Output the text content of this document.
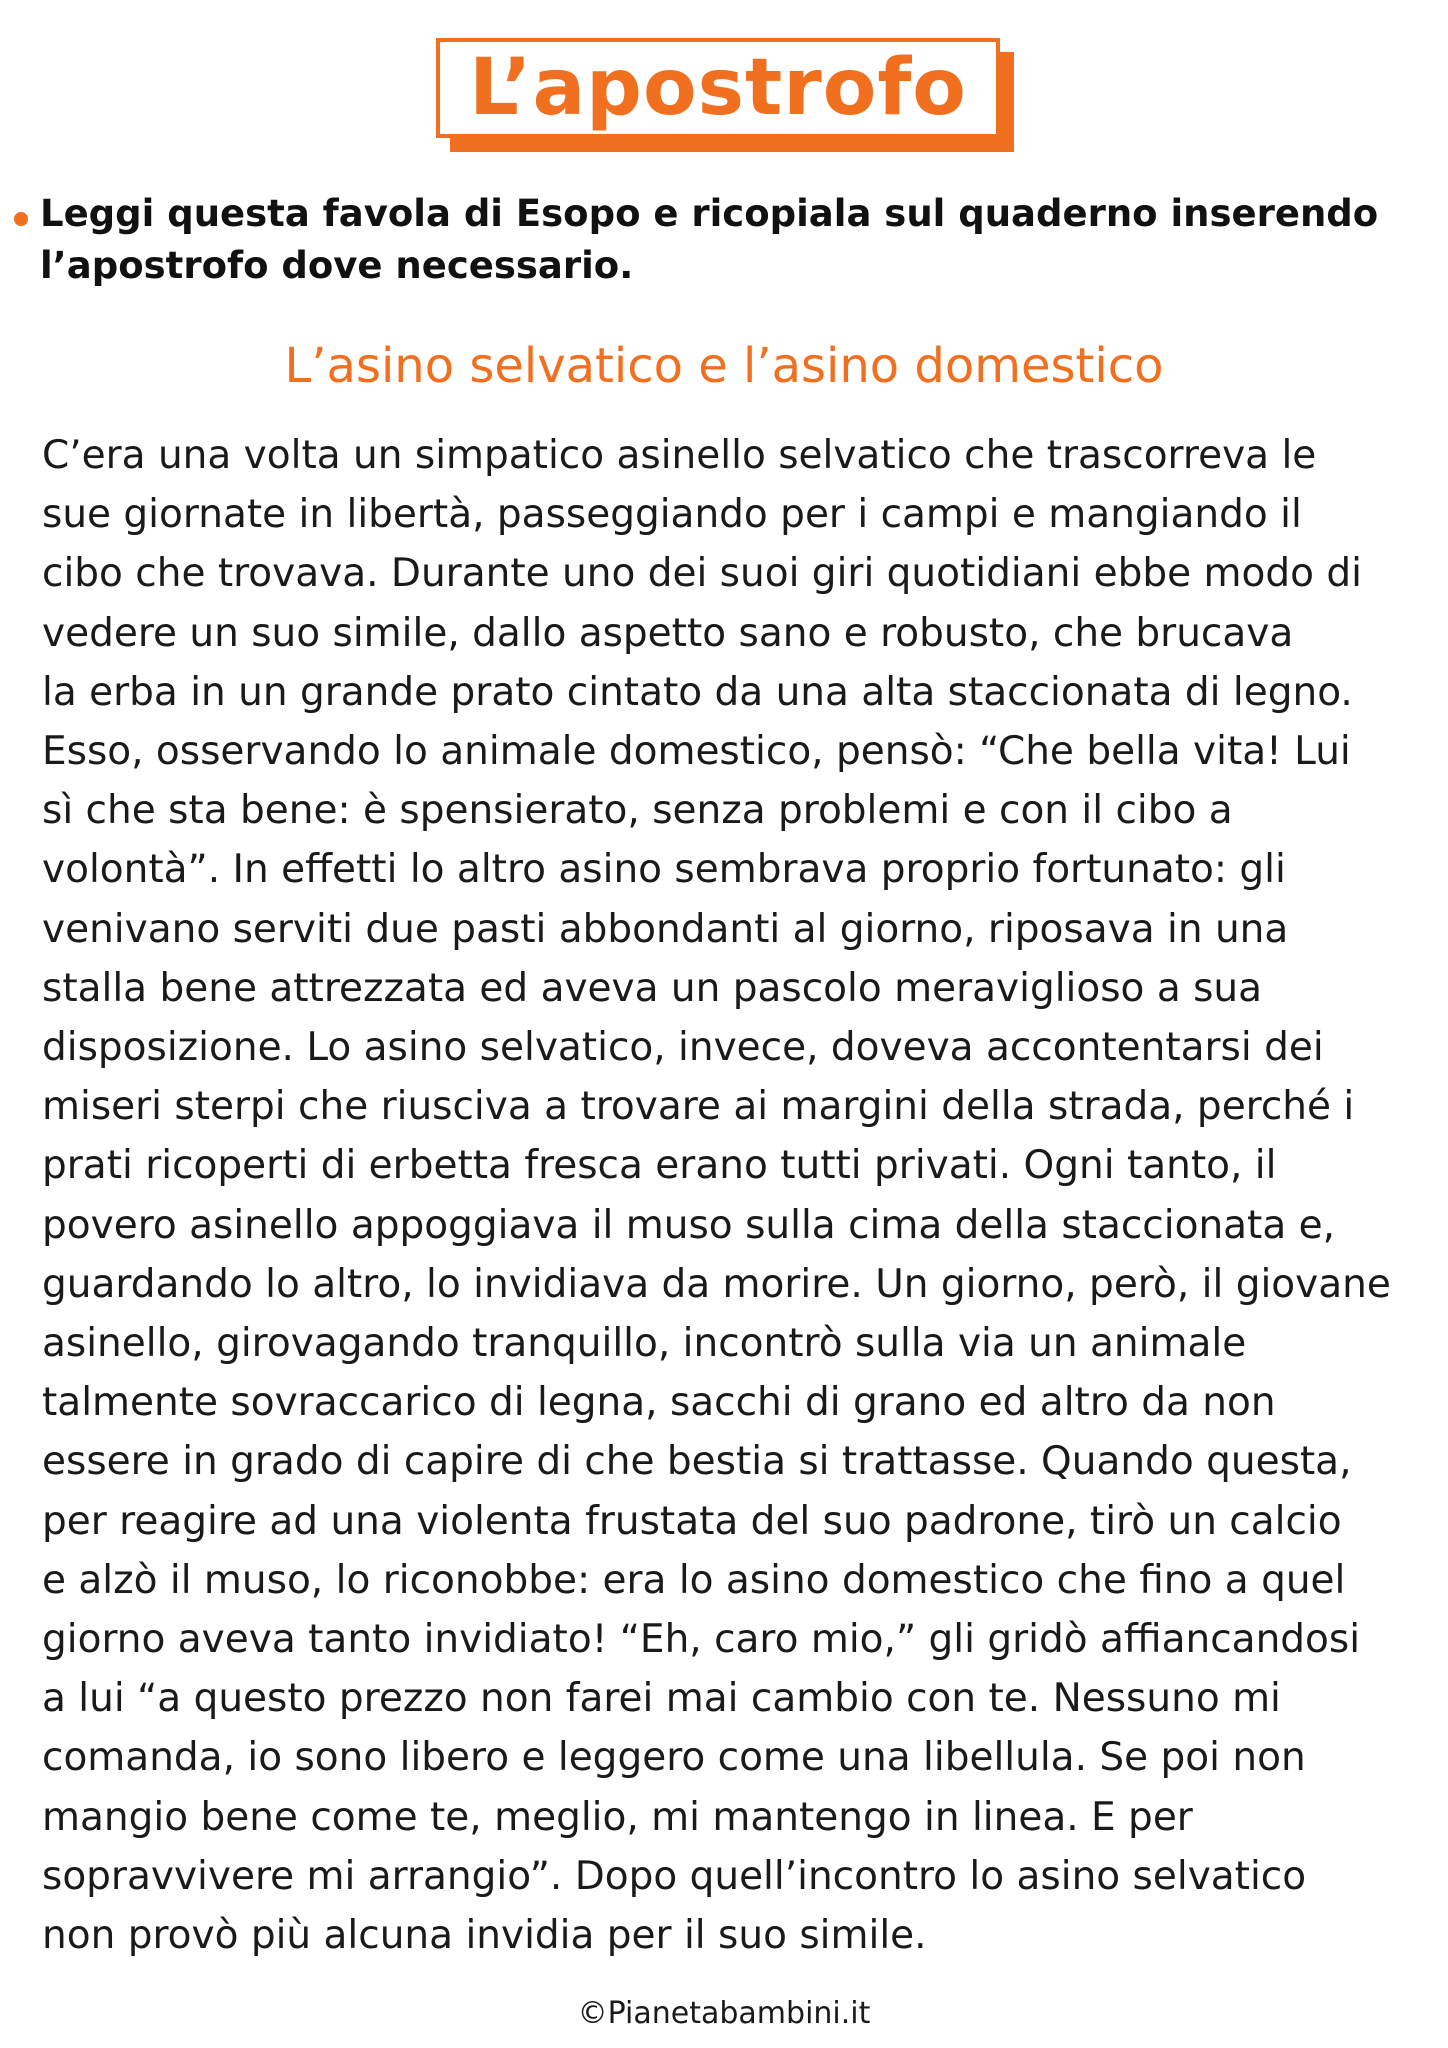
L’apostrofo
Leggi questa favola di Esopo e ricopiala sul quaderno inserendo
l’apostrofo dove necessario.
L’asino selvatico e l’asino domestico
C’era una volta un simpatico asinello selvatico che trascorreva le
sue giornate in libertà, passeggiando per i campi e mangiando il
cibo che trovava. Durante uno dei suoi giri quotidiani ebbe modo di
vedere un suo simile, dallo aspetto sano e robusto, che brucava
la erba in un grande prato cintato da una alta staccionata di legno.
Esso, osservando lo animale domestico, pensò: “Che bella vita! Lui
sì che sta bene: è spensierato, senza problemi e con il cibo a
volontà”. In effetti lo altro asino sembrava proprio fortunato: gli
venivano serviti due pasti abbondanti al giorno, riposava in una
stalla bene attrezzata ed aveva un pascolo meraviglioso a sua
disposizione. Lo asino selvatico, invece, doveva accontentarsi dei
miseri sterpi che riusciva a trovare ai margini della strada, perché i
prati ricoperti di erbetta fresca erano tutti privati. Ogni tanto, il
povero asinello appoggiava il muso sulla cima della staccionata e,
guardando lo altro, lo invidiava da morire. Un giorno, però, il giovane
asinello, girovagando tranquillo, incontrò sulla via un animale
talmente sovraccarico di legna, sacchi di grano ed altro da non
essere in grado di capire di che bestia si trattasse. Quando questa,
per reagire ad una violenta frustata del suo padrone, tirò un calcio
e alzò il muso, lo riconobbe: era lo asino domestico che fino a quel
giorno aveva tanto invidiato! “Eh, caro mio,” gli gridò affiancandosi
a lui “a questo prezzo non farei mai cambio con te. Nessuno mi
comanda, io sono libero e leggero come una libellula. Se poi non
mangio bene come te, meglio, mi mantengo in linea. E per
sopravvivere mi arrangio”. Dopo quell’incontro lo asino selvatico
non provò più alcuna invidia per il suo simile.
©Pianetabambini.it
